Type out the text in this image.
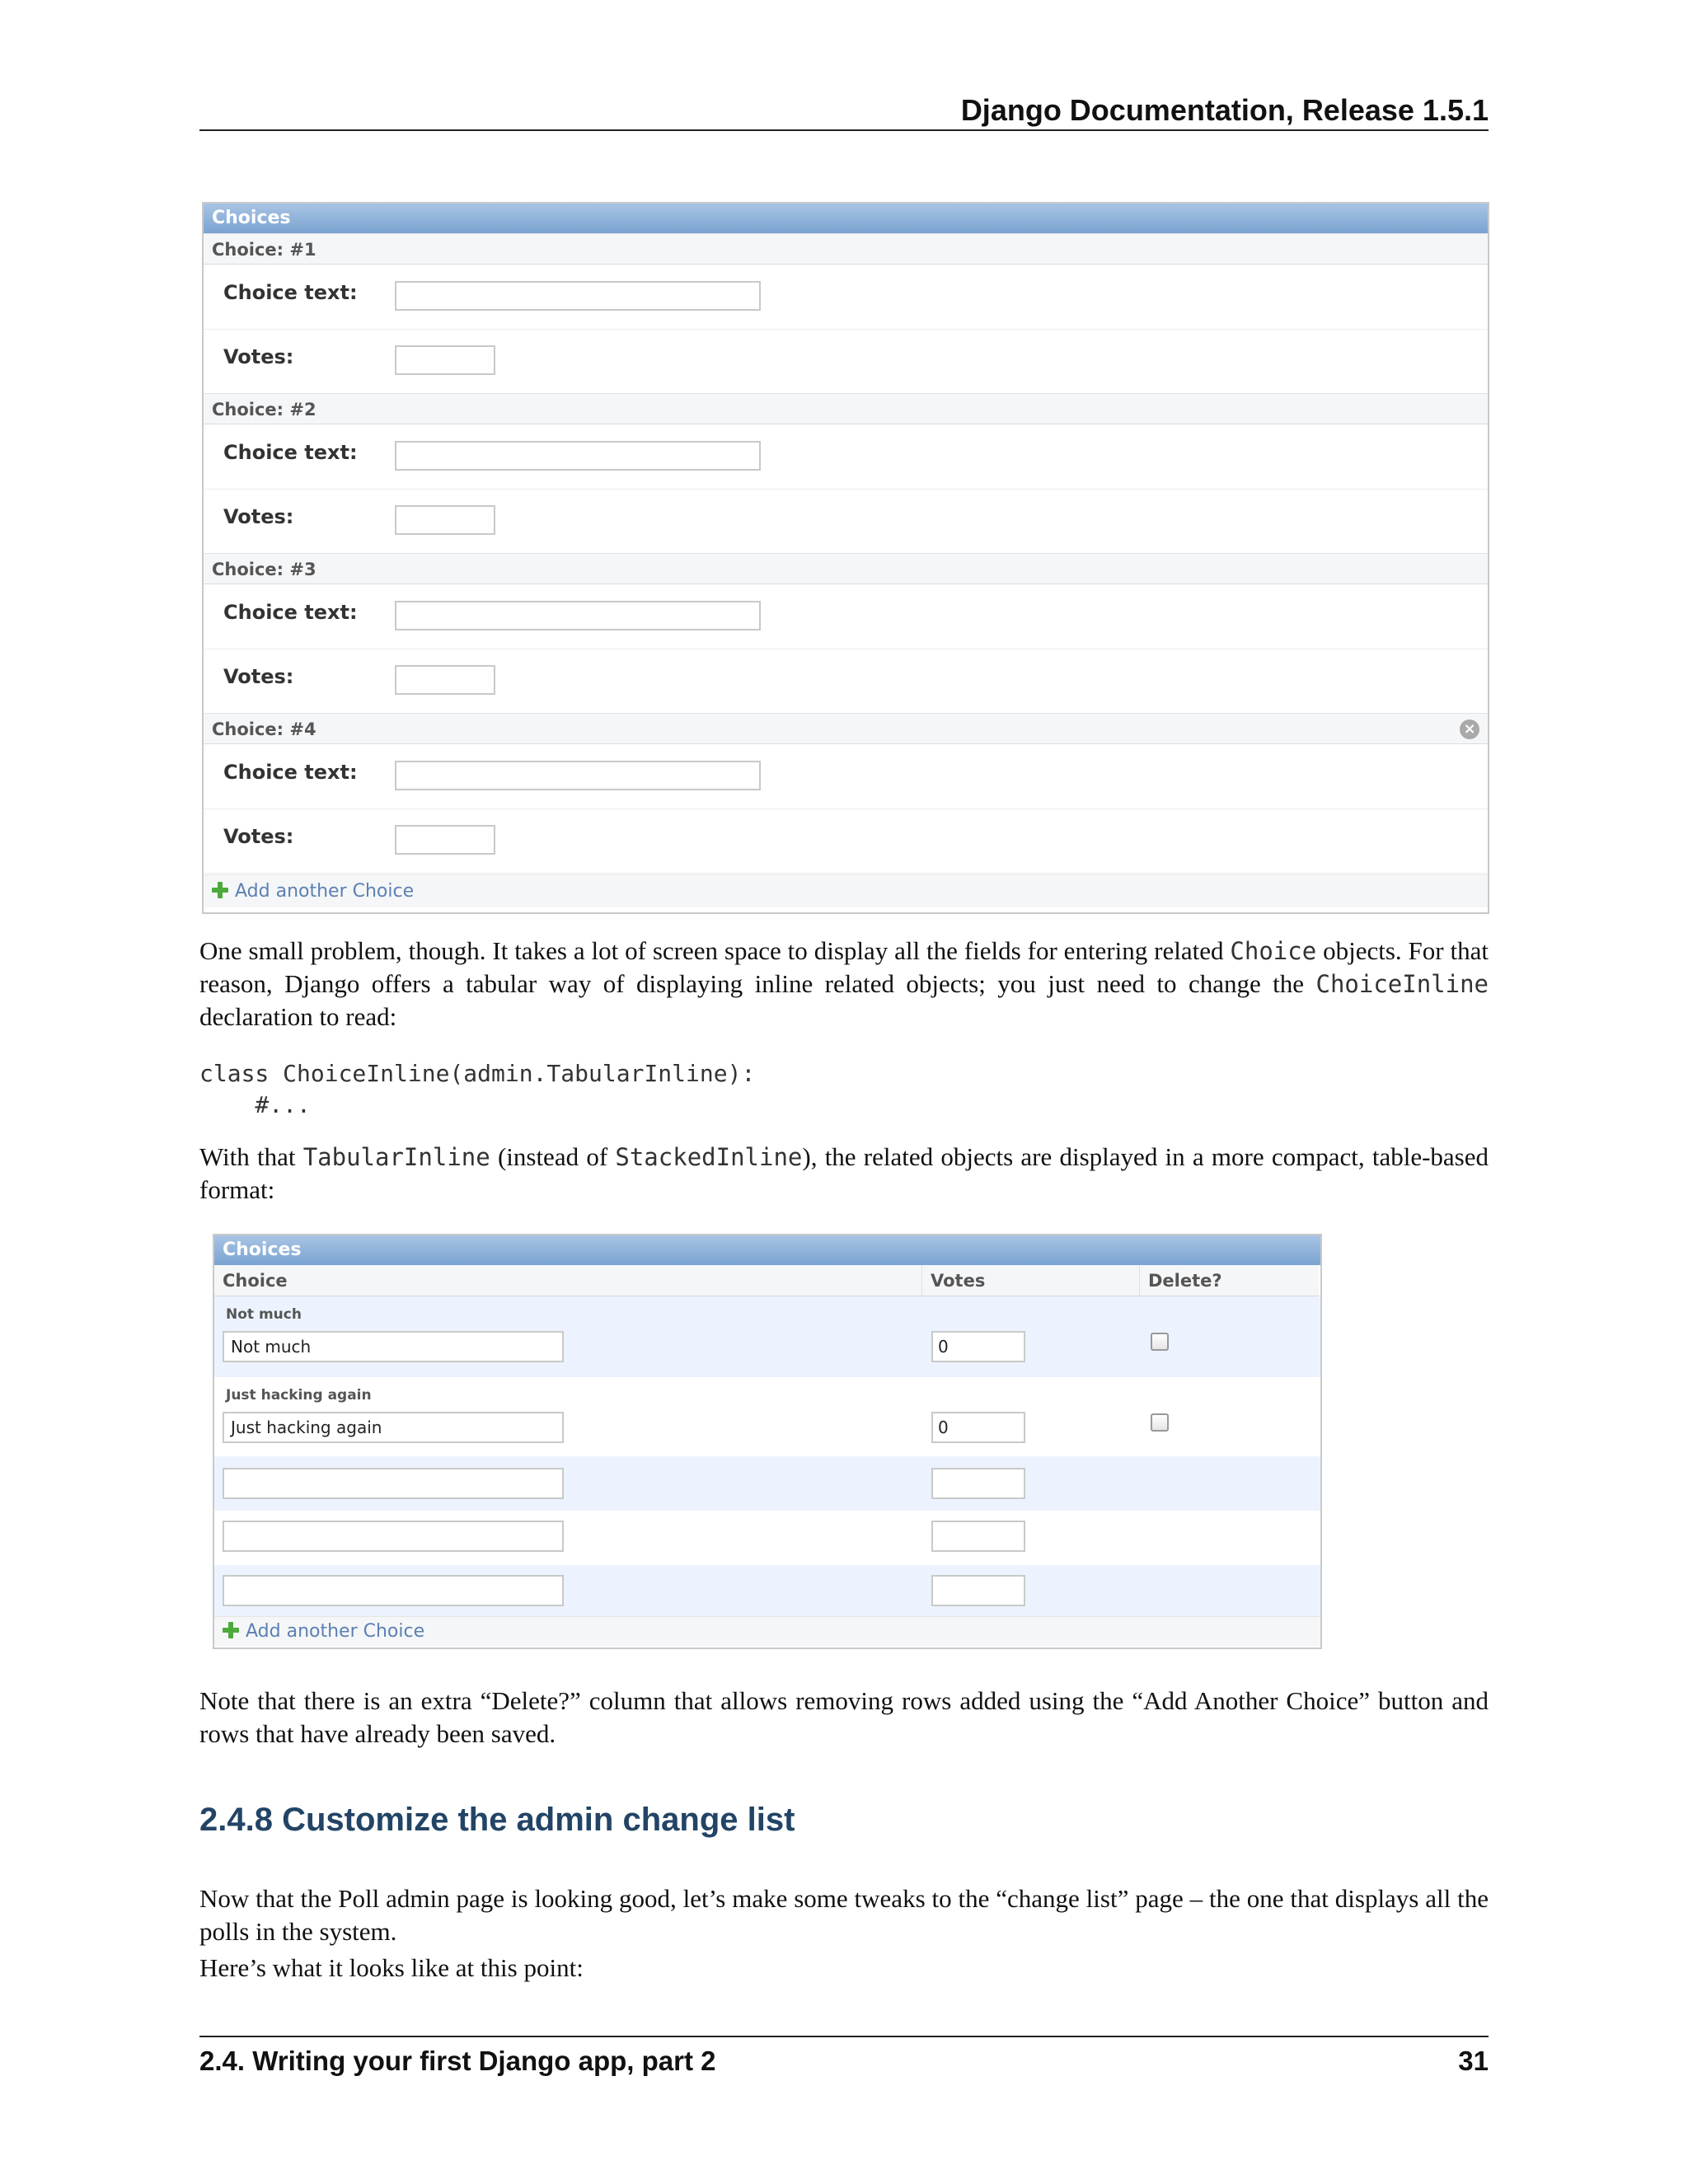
Django Documentation, Release 1.5.1
Choices
Choice: #1
Choice text:
Votes:
Choice: #2
Choice text:
Votes:
Choice: #3
Choice text:
Votes:
Choice: #4	×
Choice text:
Votes:
Add another Choice
One small problem, though. It takes a lot of screen space to display all the fields for entering related Choice objects. For that reason, Django offers a tabular way of displaying inline related objects; you just need to change the ChoiceInline declaration to read:
class ChoiceInline(admin.TabularInline):
#...
With that TabularInline (instead of StackedInline), the related objects are displayed in a more compact, table-based format:
Choices
Choice	Votes	Delete?
Not much
Not much	0
Just hacking again
Just hacking again	0
Add another Choice
Note that there is an extra “Delete?” column that allows removing rows added using the “Add Another Choice” button and rows that have already been saved.
2.4.8 Customize the admin change list
Now that the Poll admin page is looking good, let’s make some tweaks to the “change list” page – the one that displays all the polls in the system.
Here’s what it looks like at this point:
2.4. Writing your first Django app, part 2	31
